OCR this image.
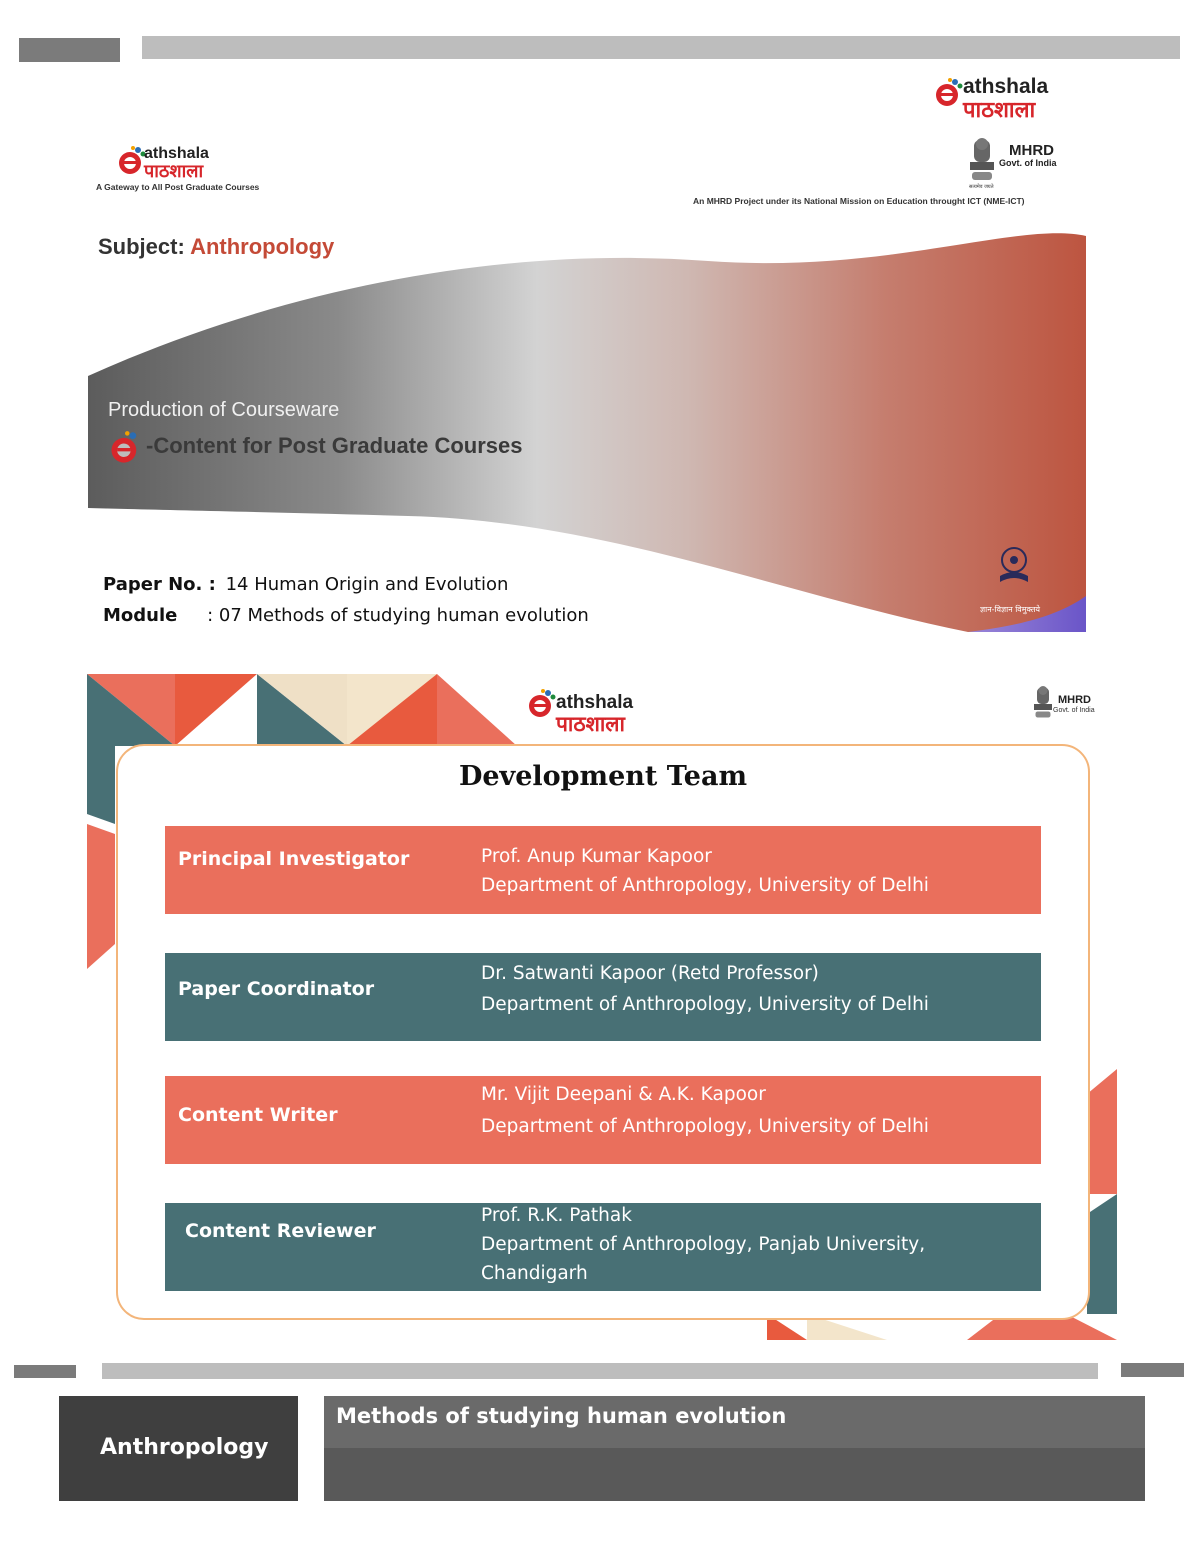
athshala
पाठशाला
athshala
पाठशाला
A Gateway to All Post Graduate Courses
MHRD
Govt. of India
सत्यमेव जयते
An MHRD Project under its National Mission on Education throught ICT (NME-ICT)
Subject: Anthropology
Production of Courseware
-Content for Post Graduate Courses
Paper No. : 14 Human Origin and Evolution
Module : 07 Methods of studying human evolution	ज्ञान-विज्ञान विमुक्तये
athshala
पाठशाला
MHRD
Govt. of India
Development Team
Principal Investigator	Prof. Anup Kumar Kapoor
Department of Anthropology, University of Delhi
Paper Coordinator
Dr. Satwanti Kapoor (Retd Professor)
Department of Anthropology, University of Delhi
Content Writer
Mr. Vijit Deepani & A.K. Kapoor
Department of Anthropology, University of Delhi
Content Reviewer
Prof. R.K. Pathak
Department of Anthropology, Panjab University,
Chandigarh
Anthropology
Methods of studying human evolution
